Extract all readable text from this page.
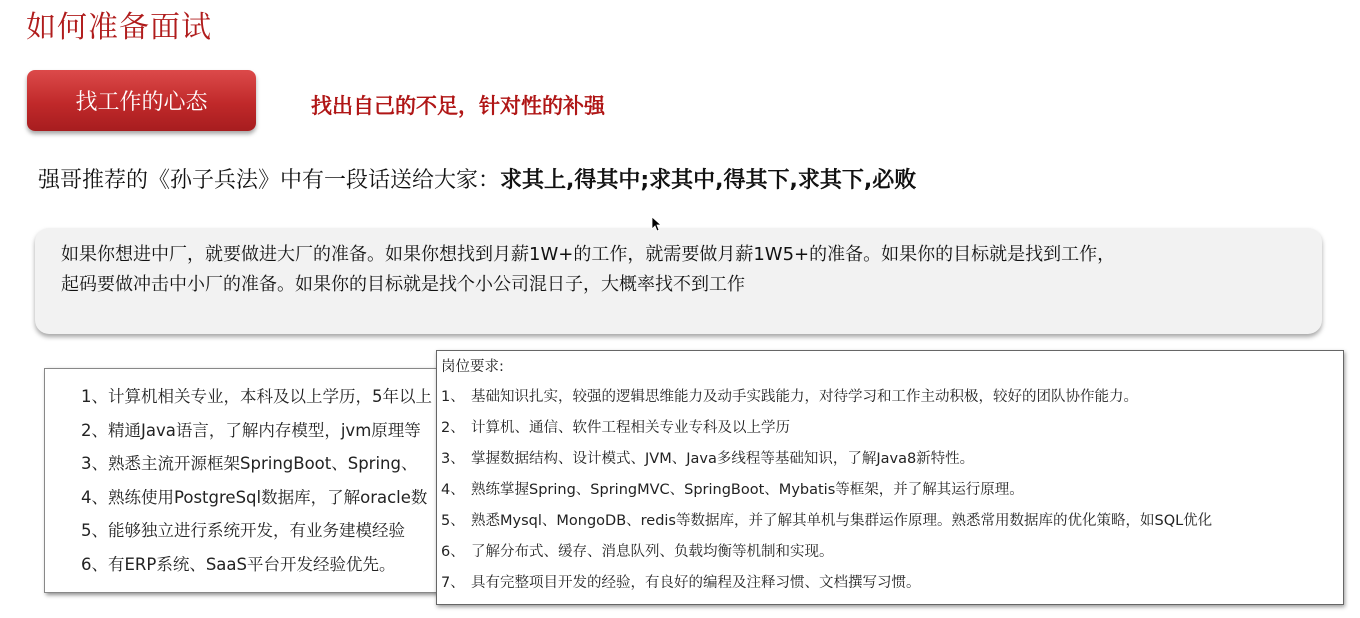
如何准备面试
找工作的心态	找出自己的不足，针对性的补强
强哥推荐的《孙子兵法》中有一段话送给大家：求其上,得其中;求其中,得其下,求其下,必败
如果你想进中厂，就要做进大厂的准备。如果你想找到月薪1W+的工作，就需要做月薪1W5+的准备。如果你的目标就是找到工作，
起码要做冲击中小厂的准备。如果你的目标就是找个小公司混日子，大概率找不到工作
1、计算机相关专业，本科及以上学历，5年以上
2、精通Java语言，了解内存模型，jvm原理等
3、熟悉主流开源框架SpringBoot、Spring、
4、熟练使用PostgreSql数据库，了解oracle数
5、能够独立进行系统开发，有业务建模经验
6、有ERP系统、SaaS平台开发经验优先。
岗位要求:
1、 基础知识扎实，较强的逻辑思维能力及动手实践能力，对待学习和工作主动积极，较好的团队协作能力。
2、 计算机、通信、软件工程相关专业专科及以上学历
3、 掌握数据结构、设计模式、JVM、Java多线程等基础知识，了解Java8新特性。
4、 熟练掌握Spring、SpringMVC、SpringBoot、Mybatis等框架，并了解其运行原理。
5、 熟悉Mysql、MongoDB、redis等数据库，并了解其单机与集群运作原理。熟悉常用数据库的优化策略，如SQL优化
6、 了解分布式、缓存、消息队列、负载均衡等机制和实现。
7、 具有完整项目开发的经验，有良好的编程及注释习惯、文档撰写习惯。
